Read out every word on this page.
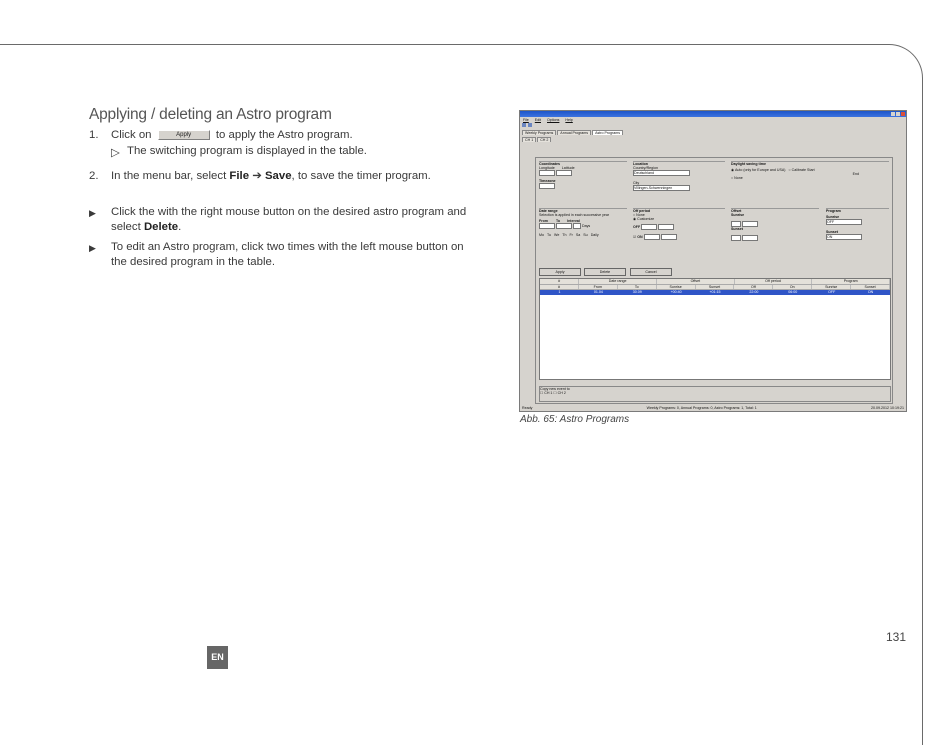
Applying / deleting an Astro program
1.	Click on	Apply to apply the Astro program.
▷ The switching program is displayed in the table.
2.	In the menu bar, select File ➔ Save, to save the timer program.
▶	Click the with the right mouse button on the desired astro program and select Delete.
▶	To edit an Astro program, click two times with the left mouse button on the desired program in the table.
File Edit Options Help
Weekly Programs	Annual Programs	Astro Programs
CH 1	CH 2
Coordinates
Longitude Latitude

Timezone
Location
Country/Region
Deutschland
City
Villingen-Schwenningen
Daylight saving time
◉ Auto (only for Europe and USA)   ○ Calibrate Start
End
○ None
Date range
Selection is applied in each successive year
From To Interval
Days
Mo Tu We Th Fr Sa Su Daily
Off period
○ None
◉ Customize
OFF
☑ ON
Offset
Sunrise

Sunset

Program
Sunrise
OFF
Sunset
ON
Apply	Delete	Cancel
#	Date range	Offset	Off period	Program
#	From	To	Sunrise	Sunset	Off	On	Sunrise	Sunset
1	01.04	30.09	+00:40	+01:15	22:00	06:00	OFF	ON
Copy new event to
☐ CH 1 ☐ CH 2
Ready	Weekly Programs: 0, Annual Programs: 0, Astro Programs: 1, Total: 1	20.09.2012 10:19:21
Abb. 65: Astro Programs
131
EN
